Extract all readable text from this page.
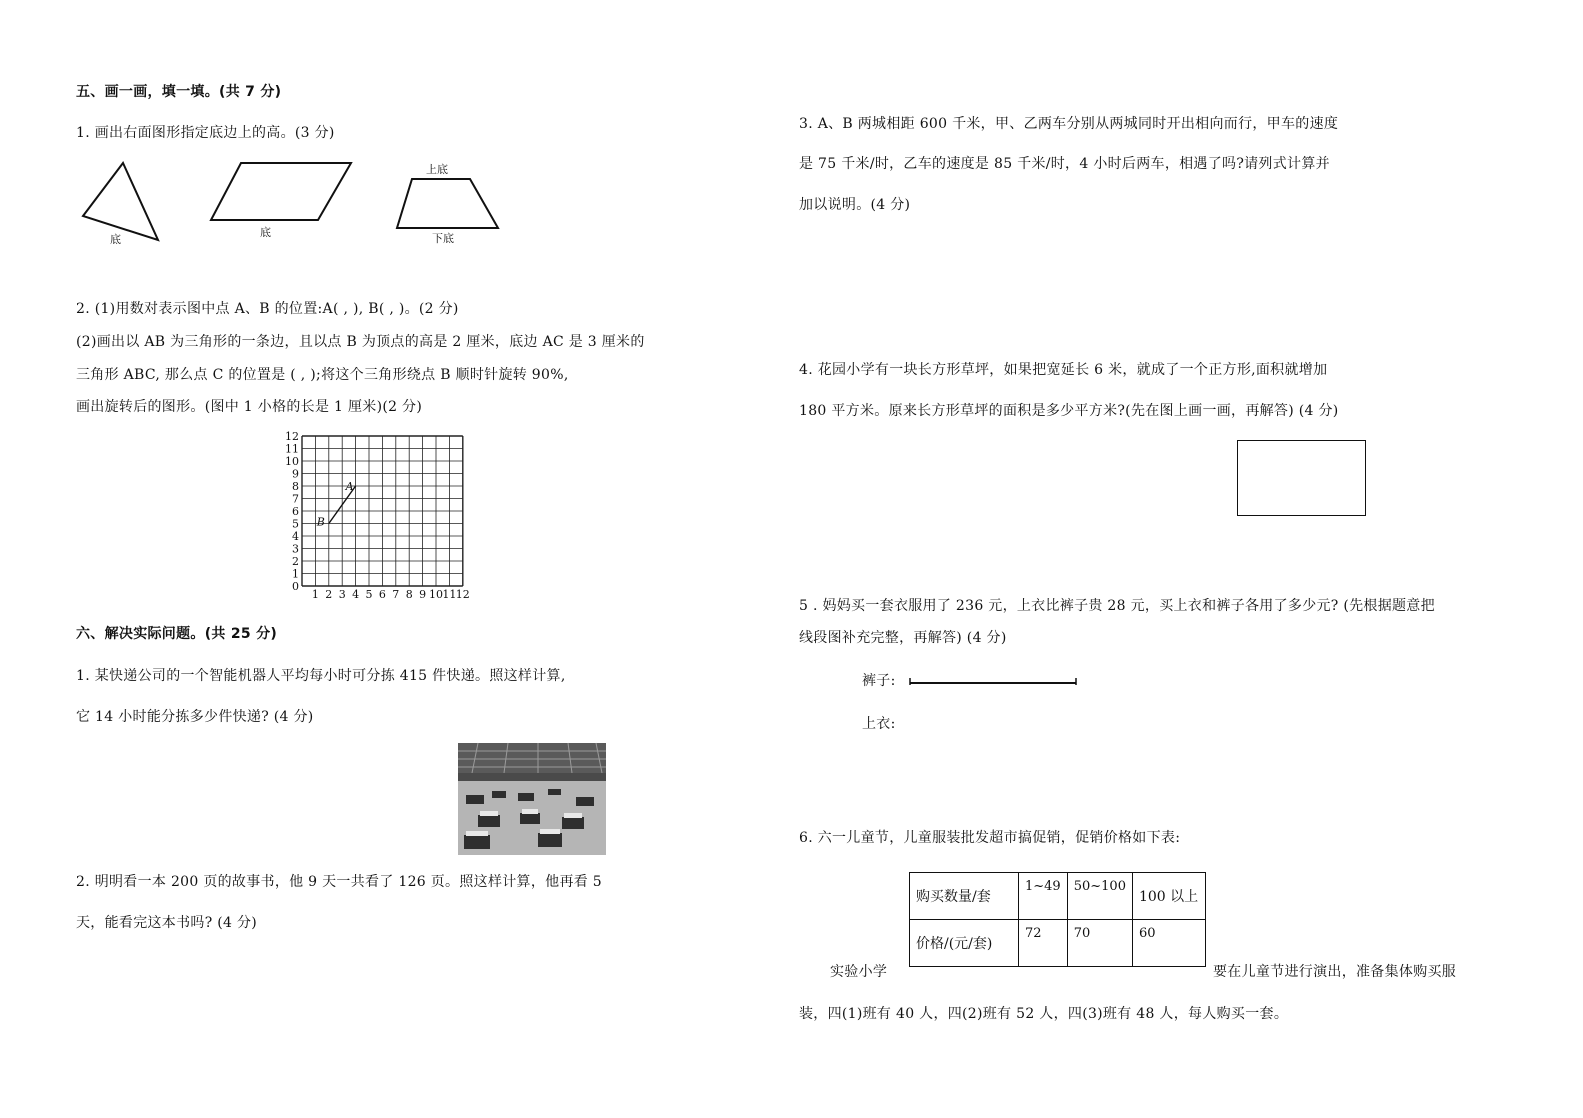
五、画一画，填一填。(共 7 分)
1. 画出右面图形指定底边上的高。(3 分)
底
底
上底
下底
2. (1)用数对表示图中点 A、B 的位置:A( , ), B( , )。(2 分)
(2)画出以 AB 为三角形的一条边，且以点 B 为顶点的高是 2 厘米，底边 AC 是 3 厘米的
三角形 ABC, 那么点 C 的位置是 ( , );将这个三角形绕点 B 顺时针旋转 90%,
画出旋转后的图形。(图中 1 小格的长是 1 厘米)(2 分)
12
11
10
9
8
7
6
5
4
3
2
1
0
1 2 3 4 5 6 7 8 9 10 11 12
A
B
六、解决实际问题。(共 25 分)
1. 某快递公司的一个智能机器人平均每小时可分拣 415 件快递。照这样计算,
它 14 小时能分拣多少件快递? (4 分)
2. 明明看一本 200 页的故事书，他 9 天一共看了 126 页。照这样计算，他再看 5
天，能看完这本书吗? (4 分)
3. A、B 两城相距 600 千米，甲、乙两车分别从两城同时开出相向而行，甲车的速度
是 75 千米/时，乙车的速度是 85 千米/时，4 小时后两车，相遇了吗?请列式计算并
加以说明。(4 分)
4. 花园小学有一块长方形草坪，如果把宽延长 6 米，就成了一个正方形,面积就增加
180 平方米。原来长方形草坪的面积是多少平方米?(先在图上画一画，再解答) (4 分)
5 . 妈妈买一套衣服用了 236 元，上衣比裤子贵 28 元，买上衣和裤子各用了多少元? (先根据题意把
线段图补充完整，再解答) (4 分)
裤子:
上衣:
6. 六一儿童节，儿童服装批发超市搞促销，促销价格如下表:
购买数量/套	1~49	50~100	100 以上
价格/(元/套)	72	70	60
实验小学	要在儿童节进行演出，准备集体购买服
装，四(1)班有 40 人，四(2)班有 52 人，四(3)班有 48 人，每人购买一套。
